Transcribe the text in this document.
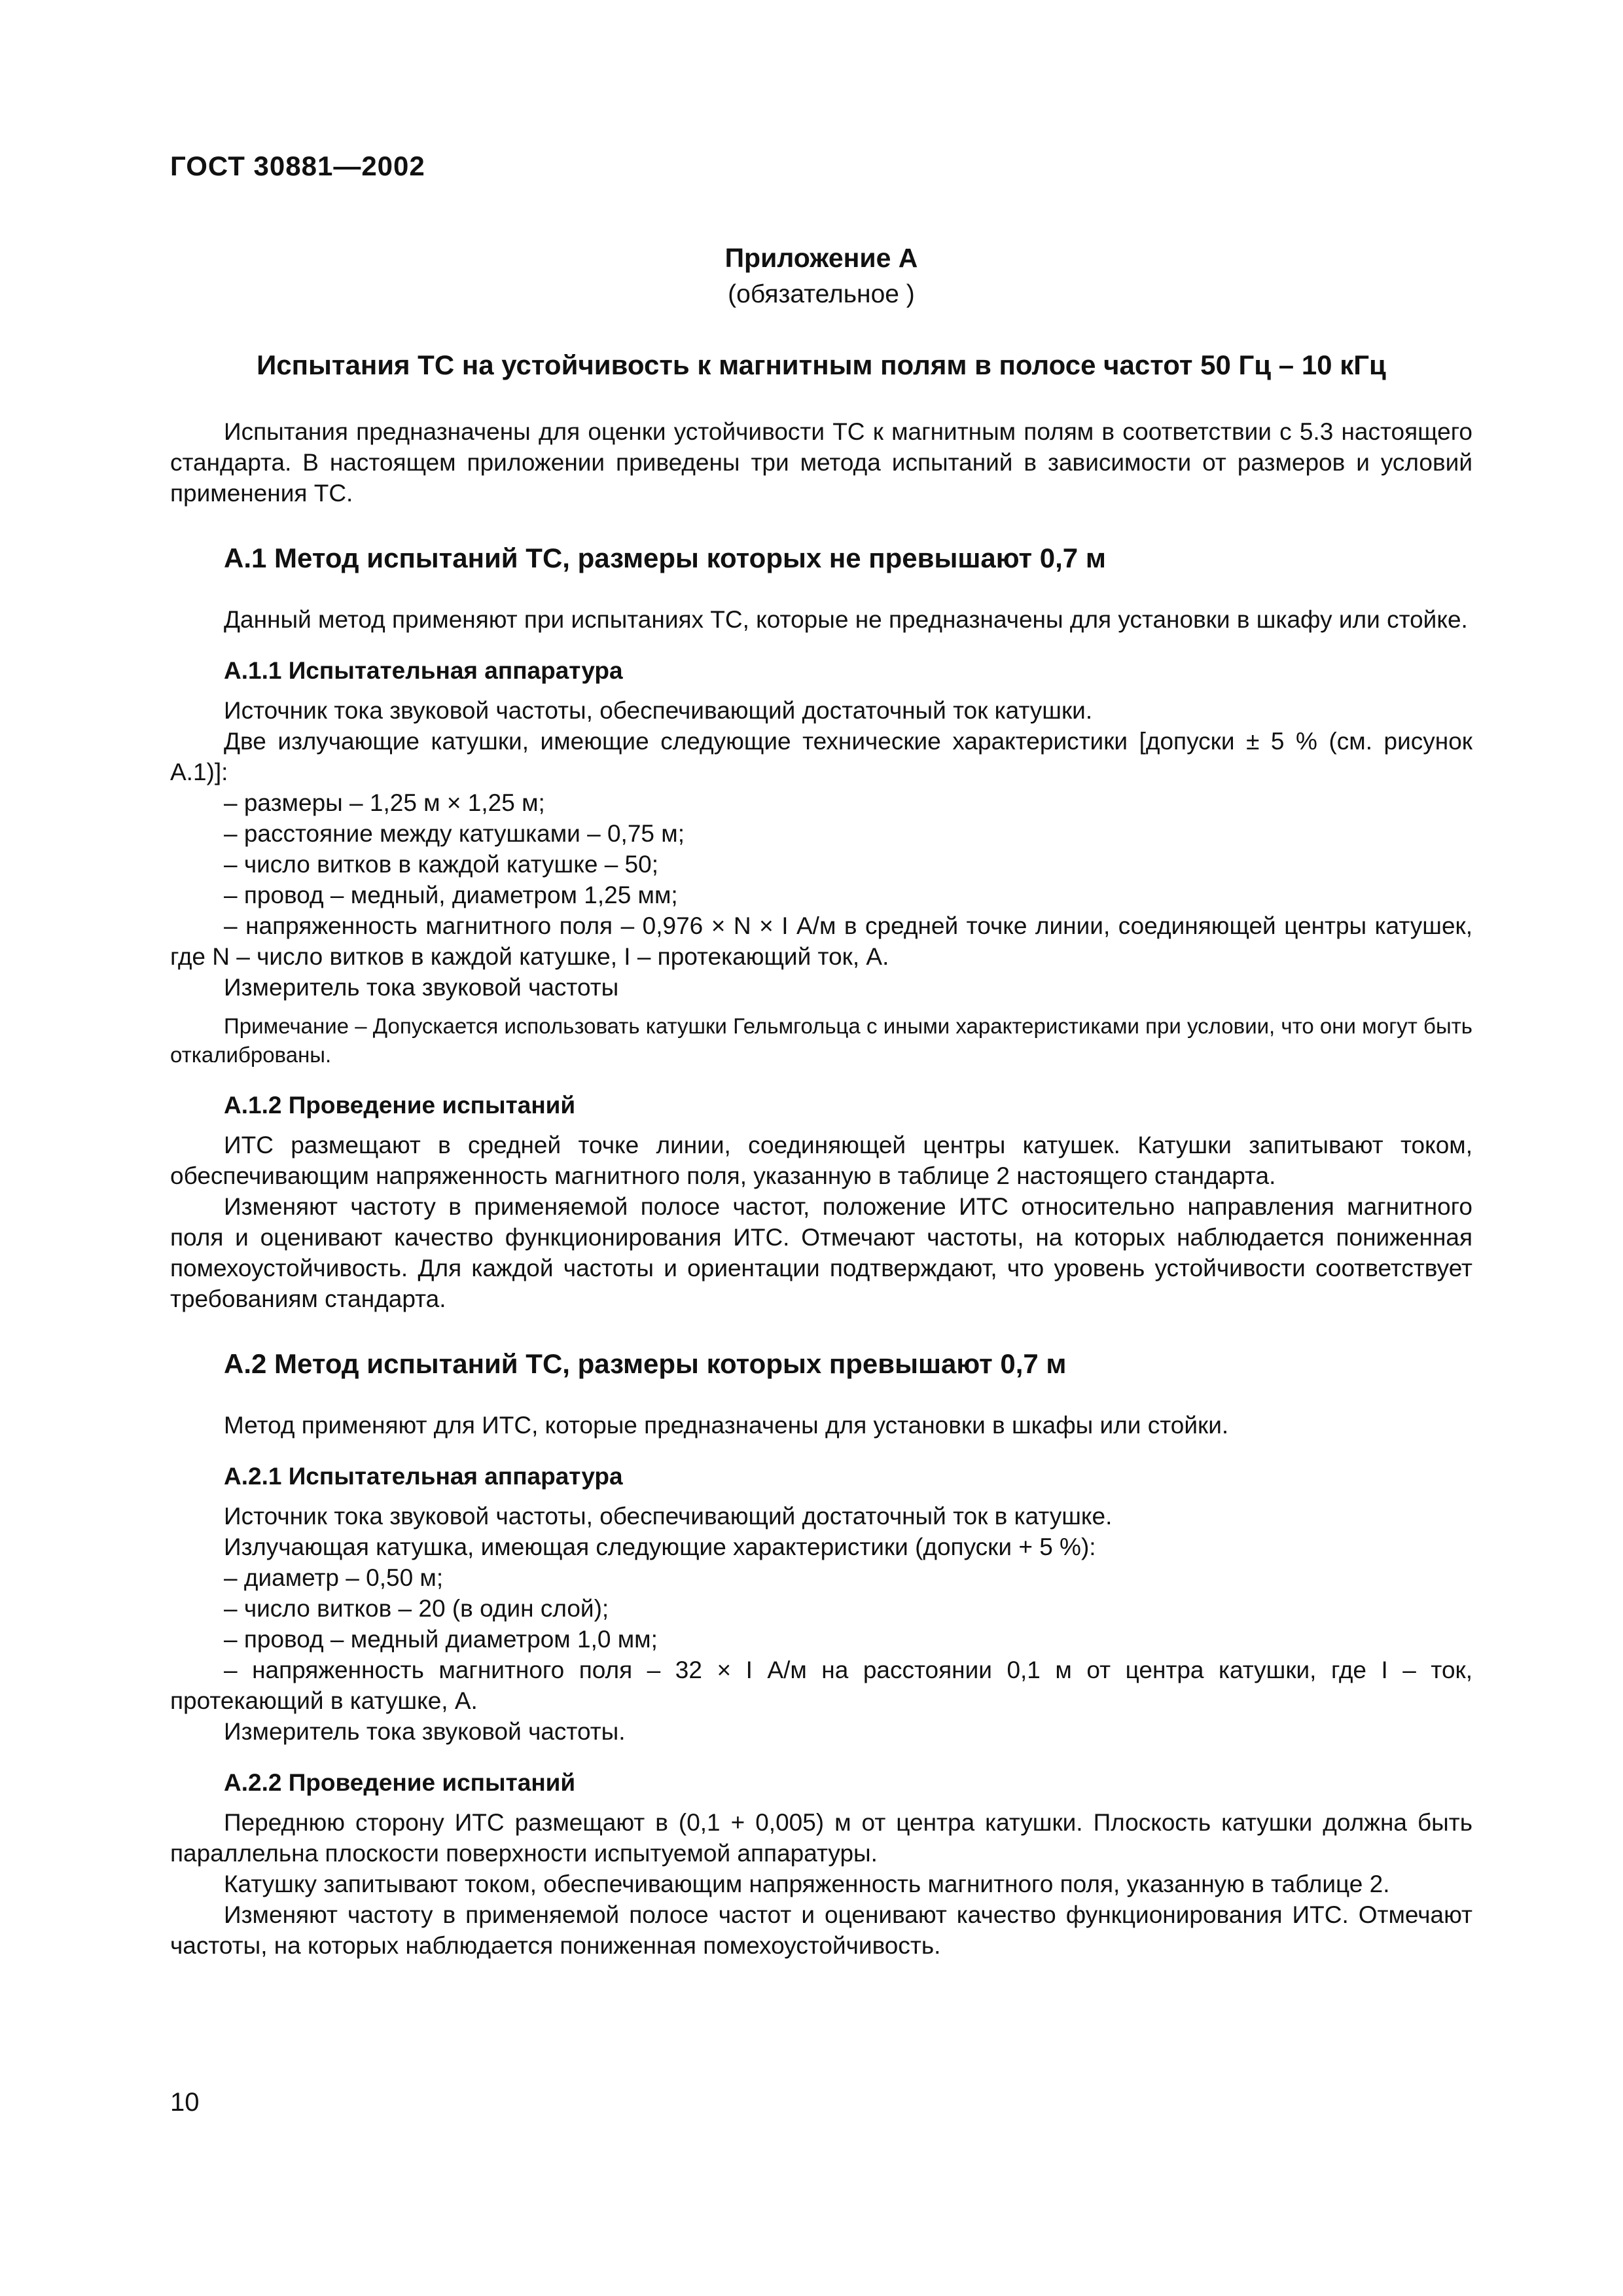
ГОСТ 30881—2002
Приложение А
(обязательное )
Испытания ТС на устойчивость к магнитным полям в полосе частот 50 Гц – 10 кГц

Испытания предназначены для оценки устойчивости ТС к магнитным полям в соответствии с 5.3 настоящего стандарта. В настоящем приложении приведены три метода испытаний в зависимости от размеров и условий применения ТС.

А.1 Метод испытаний ТС, размеры которых не превышают 0,7 м

Данный метод применяют при испытаниях ТС, которые не предназначены для установки в шкафу или стойке.

А.1.1 Испытательная аппаратура

Источник тока звуковой частоты, обеспечивающий достаточный ток катушки.

Две излучающие катушки, имеющие следующие технические характеристики [допуски ± 5 % (см. рисунок А.1)]:

– размеры – 1,25 м × 1,25 м;

– расстояние между катушками – 0,75 м;

– число витков в каждой катушке – 50;

– провод – медный, диаметром 1,25 мм;

– напряженность магнитного поля – 0,976 × N × I А/м в средней точке линии, соединяющей центры катушек, где N – число витков в каждой катушке, I – протекающий ток, А.

Измеритель тока звуковой частоты

Примечание – Допускается использовать катушки Гельмгольца с иными характеристиками при условии, что они могут быть откалиброваны.
А.1.2 Проведение испытаний

ИТС размещают в средней точке линии, соединяющей центры катушек. Катушки запитывают током, обеспечивающим напряженность магнитного поля, указанную в таблице 2 настоящего стандарта.

Изменяют частоту в применяемой полосе частот, положение ИТС относительно направления магнитного поля и оценивают качество функционирования ИТС. Отмечают частоты, на которых наблюдается пониженная помехоустойчивость. Для каждой частоты и ориентации подтверждают, что уровень устойчивости соответствует требованиям стандарта.

А.2 Метод испытаний ТС, размеры которых превышают 0,7 м

Метод применяют для ИТС, которые предназначены для установки в шкафы или стойки.

А.2.1 Испытательная аппаратура

Источник тока звуковой частоты, обеспечивающий достаточный ток в катушке.

Излучающая катушка, имеющая следующие характеристики (допуски + 5 %):

– диаметр – 0,50 м;

– число витков – 20 (в один слой);

– провод – медный диаметром 1,0 мм;

– напряженность магнитного поля – 32 × I А/м на расстоянии 0,1 м от центра катушки, где I – ток, протекающий в катушке, А.

Измеритель тока звуковой частоты.

А.2.2 Проведение испытаний

Переднюю сторону ИТС размещают в (0,1 + 0,005) м от центра катушки. Плоскость катушки должна быть параллельна плоскости поверхности испытуемой аппаратуры.

Катушку запитывают током, обеспечивающим напряженность магнитного поля, указанную в таблице 2.

Изменяют частоту в применяемой полосе частот и оценивают качество функционирования ИТС. Отмечают частоты, на которых наблюдается пониженная помехоустойчивость.

10
